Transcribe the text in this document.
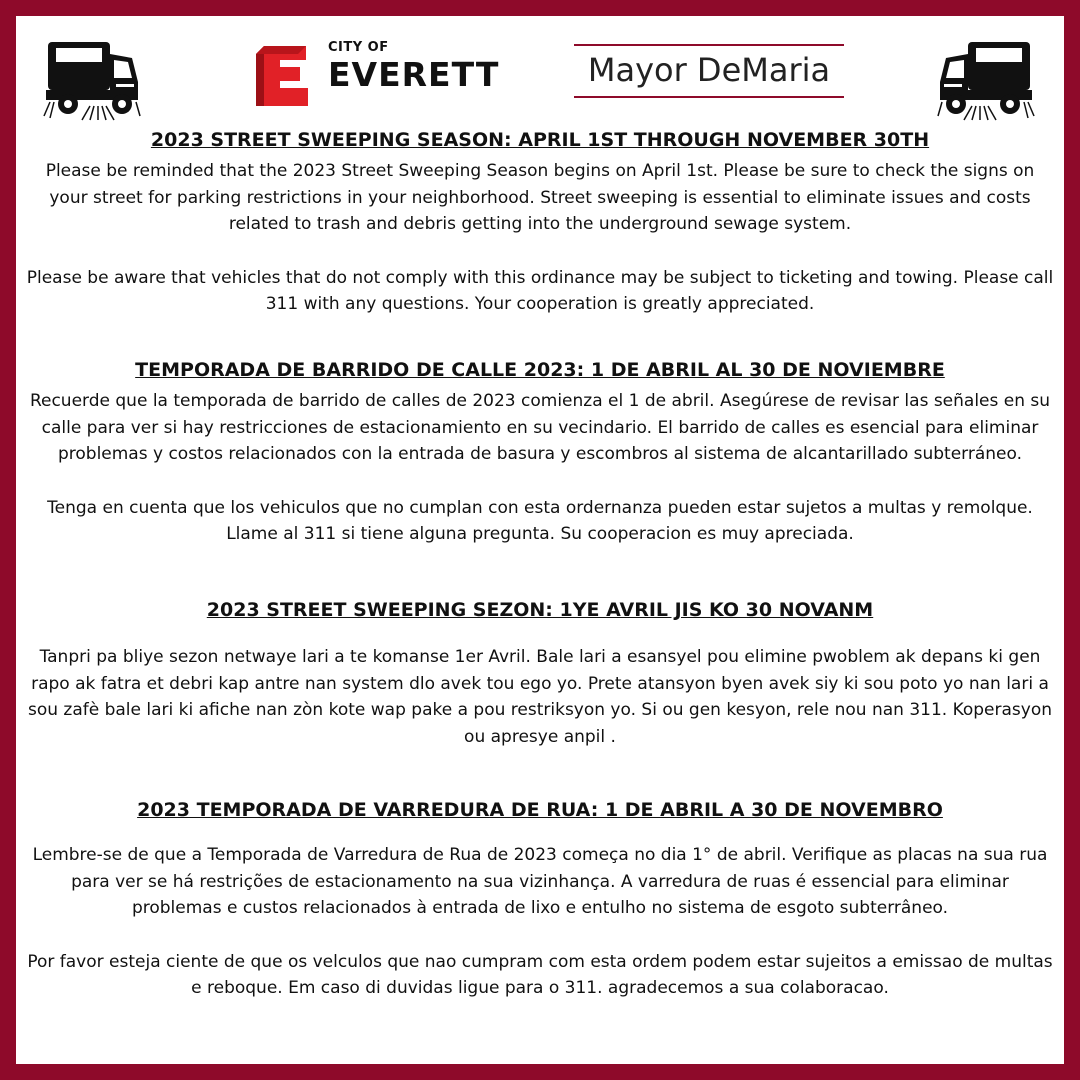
CITY OF
EVERETT	Mayor DeMaria
2023 STREET SWEEPING SEASON: APRIL 1ST THROUGH NOVEMBER 30TH

Please be reminded that the 2023 Street Sweeping Season begins on April 1st. Please be sure to check the signs on your street for parking restrictions in your neighborhood. Street sweeping is essential to eliminate issues and costs related to trash and debris getting into the underground sewage system.

Please be aware that vehicles that do not comply with this ordinance may be subject to ticketing and towing. Please call 311 with any questions. Your cooperation is greatly appreciated.

TEMPORADA DE BARRIDO DE CALLE 2023: 1 DE ABRIL AL 30 DE NOVIEMBRE

Recuerde que la temporada de barrido de calles de 2023 comienza el 1 de abril. Asegúrese de revisar las señales en su calle para ver si hay restricciones de estacionamiento en su vecindario. El barrido de calles es esencial para eliminar problemas y costos relacionados con la entrada de basura y escombros al sistema de alcantarillado subterráneo.

Tenga en cuenta que los vehiculos que no cumplan con esta ordernanza pueden estar sujetos a multas y remolque. Llame al 311 si tiene alguna pregunta. Su cooperacion es muy apreciada.

2023 STREET SWEEPING SEZON: 1YE AVRIL JIS KO 30 NOVANM

Tanpri pa bliye sezon netwaye lari a te komanse 1er Avril. Bale lari a esansyel pou elimine pwoblem ak depans ki gen rapo ak fatra et debri kap antre nan system dlo avek tou ego yo. Prete atansyon byen avek siy ki sou poto yo nan lari a sou zafè bale lari ki afiche nan zòn kote wap pake a pou restriksyon yo. Si ou gen kesyon, rele nou nan 311. Koperasyon ou apresye anpil .

2023 TEMPORADA DE VARREDURA DE RUA: 1 DE ABRIL A 30 DE NOVEMBRO

Lembre-se de que a Temporada de Varredura de Rua de 2023 começa no dia 1° de abril. Verifique as placas na sua rua para ver se há restrições de estacionamento na sua vizinhança. A varredura de ruas é essencial para eliminar problemas e custos relacionados à entrada de lixo e entulho no sistema de esgoto subterrâneo.

Por favor esteja ciente de que os velculos que nao cumpram com esta ordem podem estar sujeitos a emissao de multas e reboque. Em caso di duvidas ligue para o 311. agradecemos a sua colaboracao.
